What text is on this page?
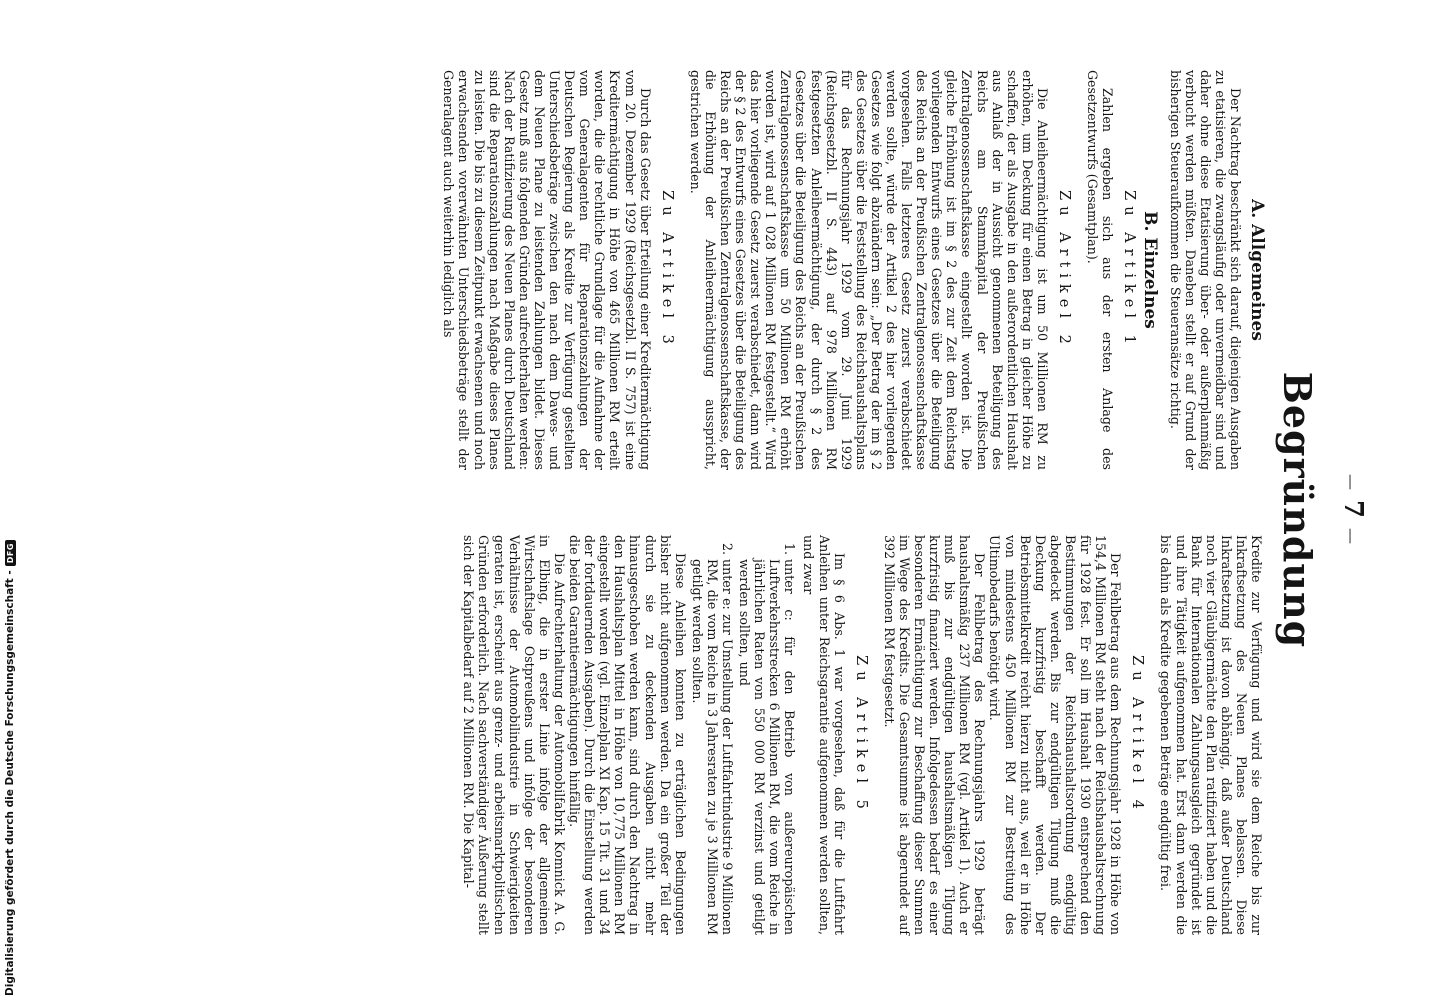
Digitalisierung gefördert durch die Deutsche Forschungsgemeinschaft -
DFG
—7—
Begründung
A. Allgemeines

Der Nachtrag beschränkt sich darauf, diejenigen Ausgaben zu etatisieren, die zwangsläufig oder unvermeidbar sind und daher ohne diese Etatisierung über- oder außerplanmäßig verbucht werden müßten. Daneben stellt er auf Grund der bisherigen Steueraufkommen die Steueransätze richtig.

B. Einzelnes
Zu Artikel 1

Zahlen ergeben sich aus der ersten Anlage des Gesetzentwurfs (Gesamtplan).

Zu Artikel 2

Die Anleiheermächtigung ist um 50 Millionen RM zu erhöhen, um Deckung für einen Betrag in gleicher Höhe zu schaffen, der als Ausgabe in den außerordentlichen Haushalt aus Anlaß der in Aussicht genommenen Beteiligung des Reichs am Stammkapital der Preußischen Zentralgenossenschaftskasse eingestellt worden ist. Die gleiche Erhöhung ist im § 2 des zur Zeit dem Reichstag vorliegenden Entwurfs eines Gesetzes über die Beteiligung des Reichs an der Preußischen Zentralgenossenschaftskasse vorgesehen. Falls letzteres Gesetz zuerst verabschiedet werden sollte, würde der Artikel 2 des hier vorliegenden Gesetzes wie folgt abzuändern sein: „Der Betrag der im § 2 des Gesetzes über die Feststellung des Reichshaushaltsplans für das Rechnungsjahr 1929 vom 29. Juni 1929 (Reichsgesetzbl. II S. 443) auf 978 Millionen RM festgesetzten Anleiheermächtigung, der durch § 2 des Gesetzes über die Beteiligung des Reichs an der Preußischen Zentralgenossenschaftskasse um 50 Millionen RM erhöht worden ist, wird auf 1 028 Millionen RM festgestellt.“ Wird das hier vorliegende Gesetz zuerst verabschiedet, dann wird der § 2 des Entwurfs eines Gesetzes über die Beteiligung des Reichs an der Preußischen Zentralgenossenschaftskasse, der die Erhöhung der Anleiheermächtigung ausspricht, gestrichen werden.

Zu Artikel 3

Durch das Gesetz über Erteilung einer Kreditermächtigung vom 20. Dezember 1929 (Reichsgesetzbl. II S. 757) ist eine Kreditermächtigung in Höhe von 465 Millionen RM erteilt worden, die die rechtliche Grundlage für die Aufnahme der vom Generalagenten für Reparationszahlungen der Deutschen Regierung als Kredite zur Verfügung gestellten Unterschiedsbeträge zwischen den nach dem Dawes- und dem Neuen Plane zu leistenden Zahlungen bildet. Dieses Gesetz muß aus folgenden Gründen aufrechterhalten werden: Nach der Ratifizierung des Neuen Planes durch Deutschland sind die Reparationszahlungen nach Maßgabe dieses Planes zu leisten. Die bis zu diesem Zeitpunkt erwachsenen und noch erwachsenden vorerwähnten Unterschiedsbeträge stellt der Generalagent auch weiterhin lediglich als

Kredite zur Verfügung und wird sie dem Reiche bis zur Inkraftsetzung des Neuen Planes belassen. Diese Inkraftsetzung ist davon abhängig, daß außer Deutschland noch vier Gläubigermächte den Plan ratifiziert haben und die Bank für Internationalen Zahlungsausgleich gegründet ist und ihre Tätigkeit aufgenommen hat. Erst dann werden die bis dahin als Kredite gegebenen Beträge endgültig frei.

Zu Artikel 4

Der Fehlbetrag aus dem Rechnungsjahr 1928 in Höhe von 154,4 Millionen RM steht nach der Reichshaushaltsrechnung für 1928 fest. Er soll im Haushalt 1930 entsprechend den Bestimmungen der Reichshaushaltsordnung endgültig abgedeckt werden. Bis zur endgültigen Tilgung muß die Deckung kurzfristig beschafft werden. Der Betriebsmittelkredit reicht hierzu nicht aus, weil er in Höhe von mindestens 450 Millionen RM zur Bestreitung des Ultimobedarfs benötigt wird.

Der Fehlbetrag des Rechnungsjahrs 1929 beträgt haushaltsmäßig 237 Millionen RM (vgl. Artikel 1). Auch er muß bis zur endgültigen haushaltsmäßigen Tilgung kurzfristig finanziert werden. Infolgedessen bedarf es einer besonderen Ermächtigung zur Beschaffung dieser Summen im Wege des Kredits. Die Gesamtsumme ist abgerundet auf 392 Millionen RM festgesetzt.

Zu Artikel 5

Im § 6 Abs. 1 war vorgesehen, daß für die Luftfahrt Anleihen unter Reichsgarantie aufgenommen werden sollten, und zwar

1. unter c: für den Betrieb von außereuropäischen Luftverkehrsstrecken 6 Millionen RM, die vom Reiche in jährlichen Raten von 550 000 RM verzinst und getilgt werden sollten, und
2. unter e: zur Umstellung der Luftfahrtindustrie 9 Millionen RM, die vom Reiche in 3 Jahresraten zu je 3 Millionen RM getilgt werden sollten.

Diese Anleihen konnten zu erträglichen Bedingungen bisher nicht aufgenommen werden. Da ein großer Teil der durch sie zu deckenden Ausgaben nicht mehr hinausgeschoben werden kann, sind durch den Nachtrag in den Haushaltsplan Mittel in Höhe von 10,775 Millionen RM eingestellt worden (vgl. Einzelplan XI Kap. 15 Tit. 31 und 34 der fortdauernden Ausgaben). Durch die Einstellung werden die beiden Garantieermächtigungen hinfällig.

Die Aufrechterhaltung der Automobilfabrik Komnick A. G. in Elbing, die in erster Linie infolge der allgemeinen Wirtschaftslage Ostpreußens und infolge der besonderen Verhältnisse der Automobilindustrie in Schwierigkeiten geraten ist, erscheint aus grenz- und arbeitsmarktpolitischen Gründen erforderlich. Nach sachverständiger Äußerung stellt sich der Kapitalbedarf auf 2 Millionen RM. Die Kapital-
